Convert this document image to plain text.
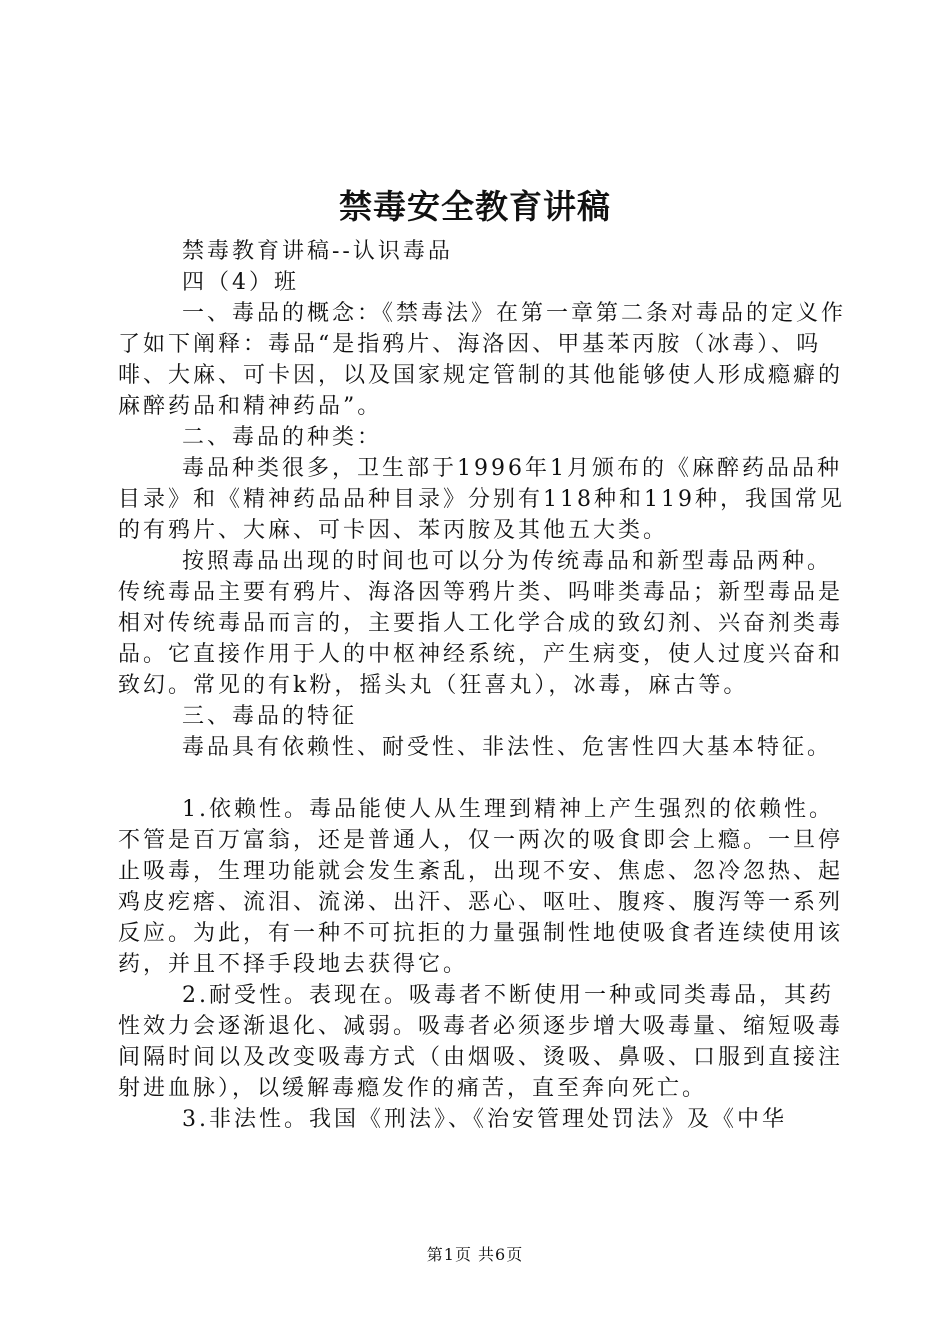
禁毒安全教育讲稿

禁毒教育讲稿--认识毒品

四（4）班

一、毒品的概念：《禁毒法》在第一章第二条对毒品的定义作了如下阐释：毒品“是指鸦片、海洛因、甲基苯丙胺（冰毒）、吗啡、大麻、可卡因，以及国家规定管制的其他能够使人形成瘾癖的麻醉药品和精神药品”。

二、毒品的种类：

毒品种类很多，卫生部于1996年1月颁布的《麻醉药品品种目录》和《精神药品品种目录》分别有118种和119种，我国常见的有鸦片、大麻、可卡因、苯丙胺及其他五大类。

按照毒品出现的时间也可以分为传统毒品和新型毒品两种。传统毒品主要有鸦片、海洛因等鸦片类、吗啡类毒品；新型毒品是相对传统毒品而言的，主要指人工化学合成的致幻剂、兴奋剂类毒品。它直接作用于人的中枢神经系统，产生病变，使人过度兴奋和致幻。常见的有k粉，摇头丸（狂喜丸），冰毒，麻古等。

三、毒品的特征

毒品具有依赖性、耐受性、非法性、危害性四大基本特征。

1.依赖性。毒品能使人从生理到精神上产生强烈的依赖性。不管是百万富翁，还是普通人，仅一两次的吸食即会上瘾。一旦停止吸毒，生理功能就会发生紊乱，出现不安、焦虑、忽冷忽热、起鸡皮疙瘩、流泪、流涕、出汗、恶心、呕吐、腹疼、腹泻等一系列反应。为此，有一种不可抗拒的力量强制性地使吸食者连续使用该药，并且不择手段地去获得它。

2.耐受性。表现在。吸毒者不断使用一种或同类毒品，其药性效力会逐渐退化、减弱。吸毒者必须逐步增大吸毒量、缩短吸毒间隔时间以及改变吸毒方式（由烟吸、烫吸、鼻吸、口服到直接注射进血脉），以缓解毒瘾发作的痛苦，直至奔向死亡。

3.非法性。我国《刑法》、《治安管理处罚法》及《中华

第1页 共6页
